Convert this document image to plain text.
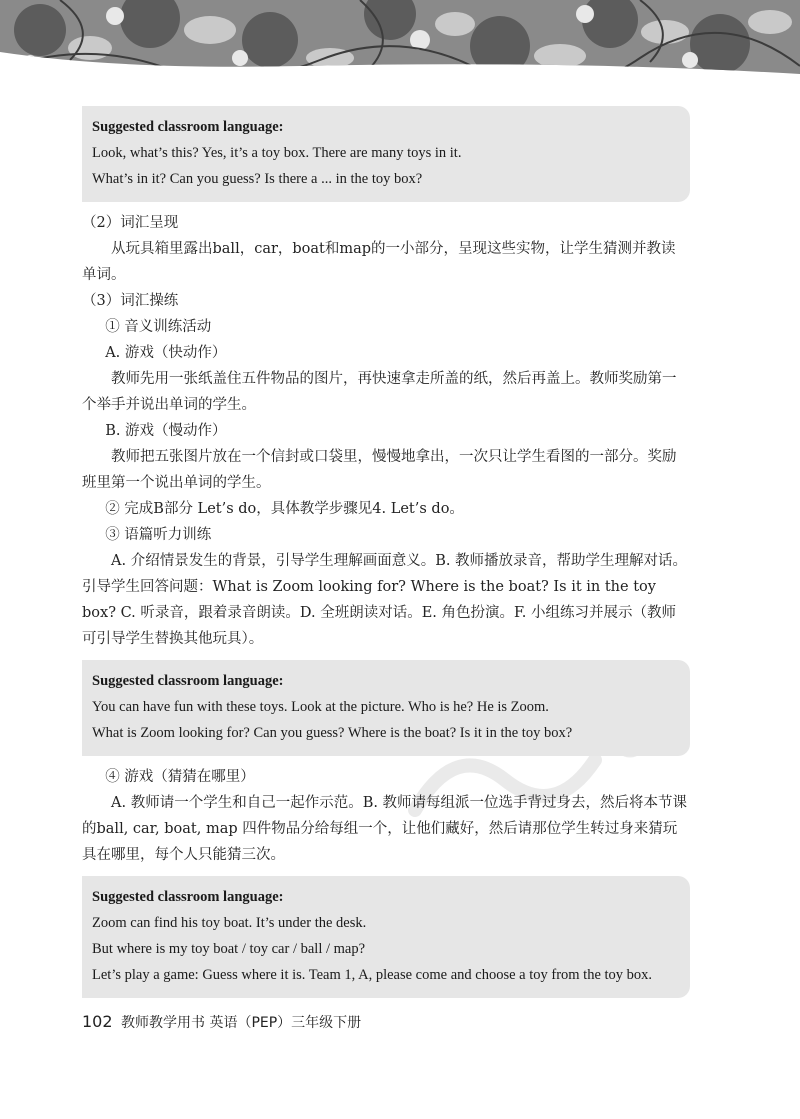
Suggested classroom language:
Look, what’s this? Yes, it’s a toy box. There are many toys in it.
What’s in it? Can you guess? Is there a ... in the toy box?

（2）词汇呈现

从玩具箱里露出ball，car，boat和map的一小部分，呈现这些实物，让学生猜测并教读单词。

（3）词汇操练

① 音义训练活动

A. 游戏（快动作）

教师先用一张纸盖住五件物品的图片，再快速拿走所盖的纸，然后再盖上。教师奖励第一个举手并说出单词的学生。

B. 游戏（慢动作）

教师把五张图片放在一个信封或口袋里，慢慢地拿出，一次只让学生看图的一部分。奖励班里第一个说出单词的学生。

② 完成B部分 Let’s do，具体教学步骤见4. Let’s do。

③ 语篇听力训练

A. 介绍情景发生的背景，引导学生理解画面意义。B. 教师播放录音，帮助学生理解对话。引导学生回答问题：What is Zoom looking for? Where is the boat? Is it in the toy box? C. 听录音，跟着录音朗读。D. 全班朗读对话。E. 角色扮演。F. 小组练习并展示（教师可引导学生替换其他玩具）。

Suggested classroom language:
You can have fun with these toys. Look at the picture. Who is he? He is Zoom.
What is Zoom looking for? Can you guess? Where is the boat? Is it in the toy box?

④ 游戏（猜猜在哪里）

A. 教师请一个学生和自己一起作示范。B. 教师请每组派一位选手背过身去，然后将本节课的ball, car, boat, map 四件物品分给每组一个，让他们藏好，然后请那位学生转过身来猜玩具在哪里，每个人只能猜三次。

Suggested classroom language:
Zoom can find his toy boat. It’s under the desk.
But where is my toy boat / toy car / ball / map?
Let’s play a game: Guess where it is. Team 1, A, please come and choose a toy from the toy box.
102 教师教学用书 英语（PEP）三年级下册
